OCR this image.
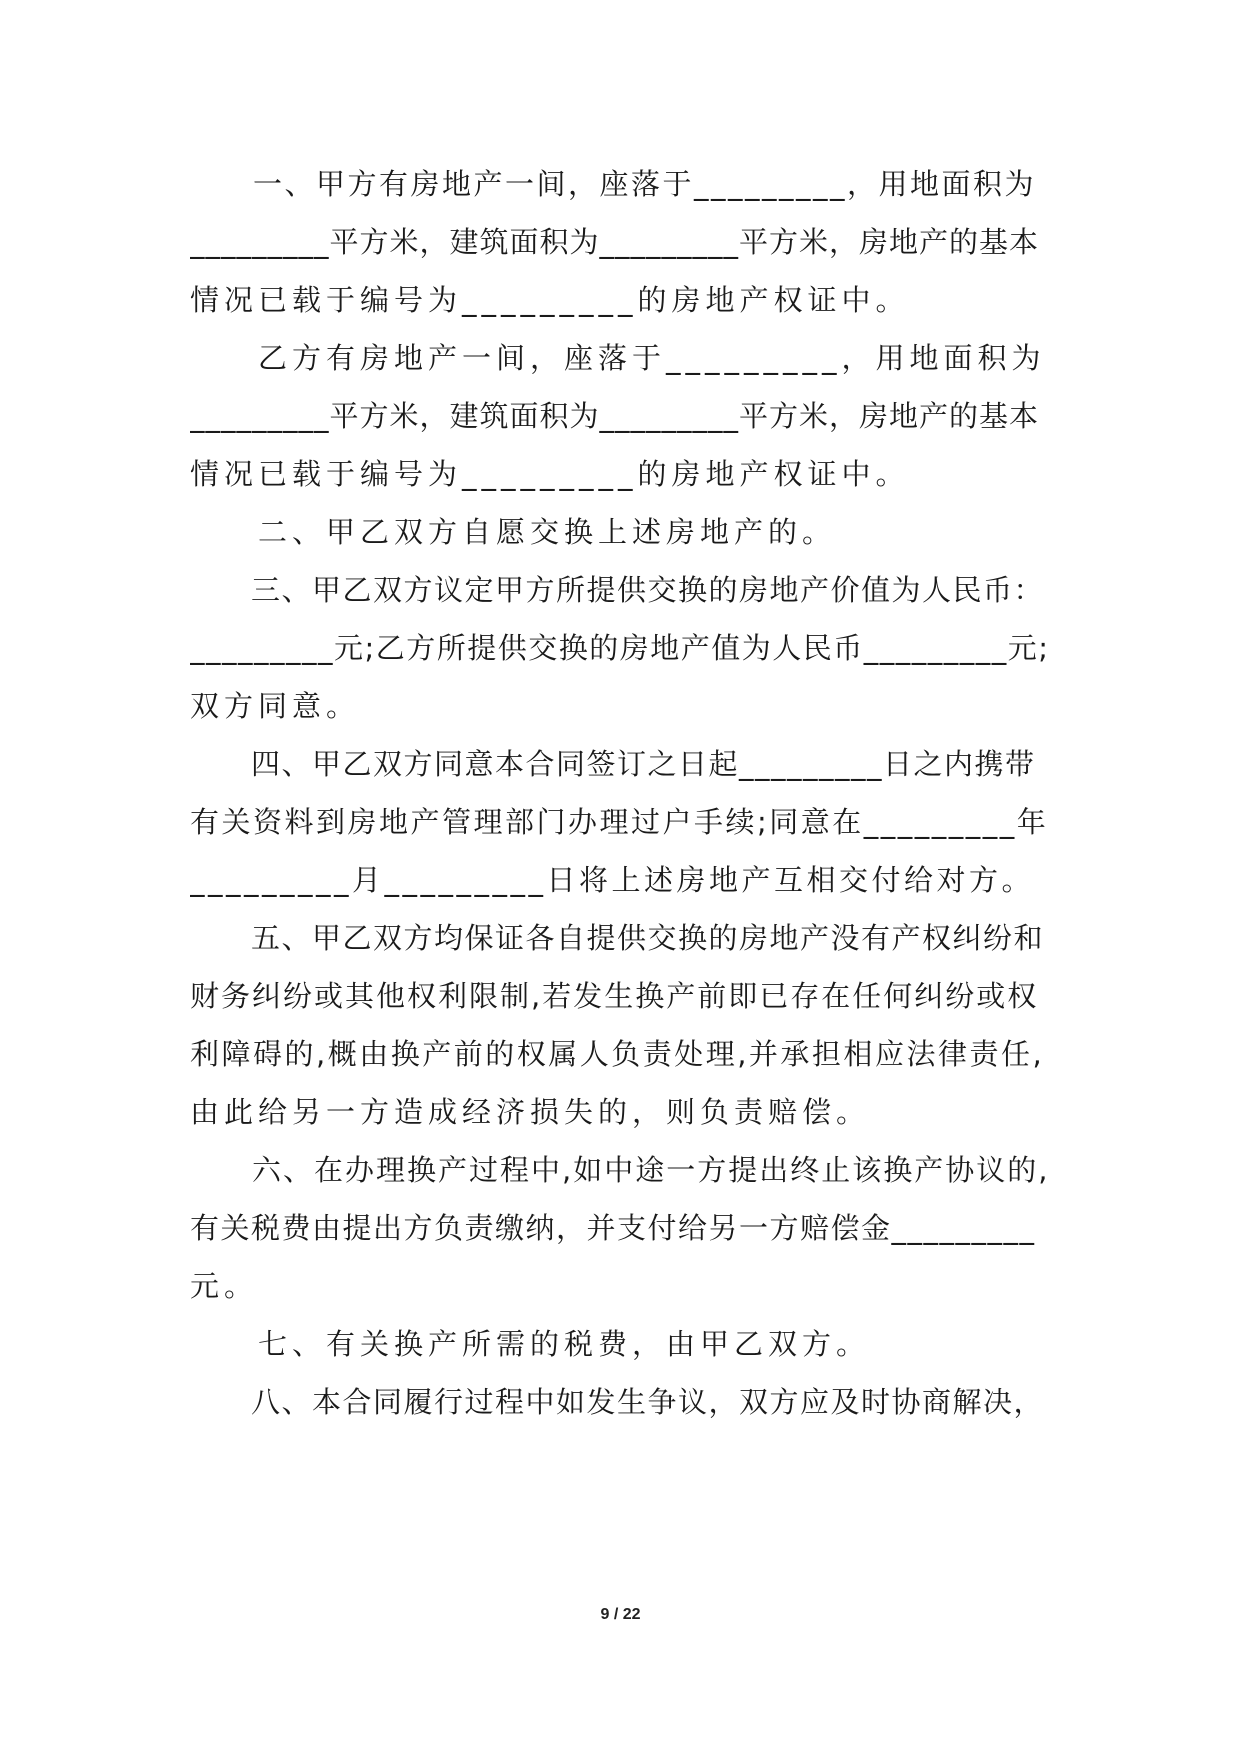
　　一、甲方有房地产一间，座落于_________，用地面积为
_________平方米，建筑面积为_________平方米，房地产的基本
情况已载于编号为_________的房地产权证中。
　　乙方有房地产一间，座落于_________，用地面积为
_________平方米，建筑面积为_________平方米，房地产的基本
情况已载于编号为_________的房地产权证中。
　　二、甲乙双方自愿交换上述房地产的。
　　三、甲乙双方议定甲方所提供交换的房地产价值为人民币：
_________元;乙方所提供交换的房地产值为人民币_________元;
双方同意。
　　四、甲乙双方同意本合同签订之日起_________日之内携带
有关资料到房地产管理部门办理过户手续;同意在_________年
_________月_________日将上述房地产互相交付给对方。
　　五、甲乙双方均保证各自提供交换的房地产没有产权纠纷和
财务纠纷或其他权利限制,若发生换产前即已存在任何纠纷或权
利障碍的,概由换产前的权属人负责处理,并承担相应法律责任,
由此给另一方造成经济损失的，则负责赔偿。
　　六、在办理换产过程中,如中途一方提出终止该换产协议的,
有关税费由提出方负责缴纳，并支付给另一方赔偿金_________
元。
　　七、有关换产所需的税费，由甲乙双方。
　　八、本合同履行过程中如发生争议，双方应及时协商解决，
9 / 22
